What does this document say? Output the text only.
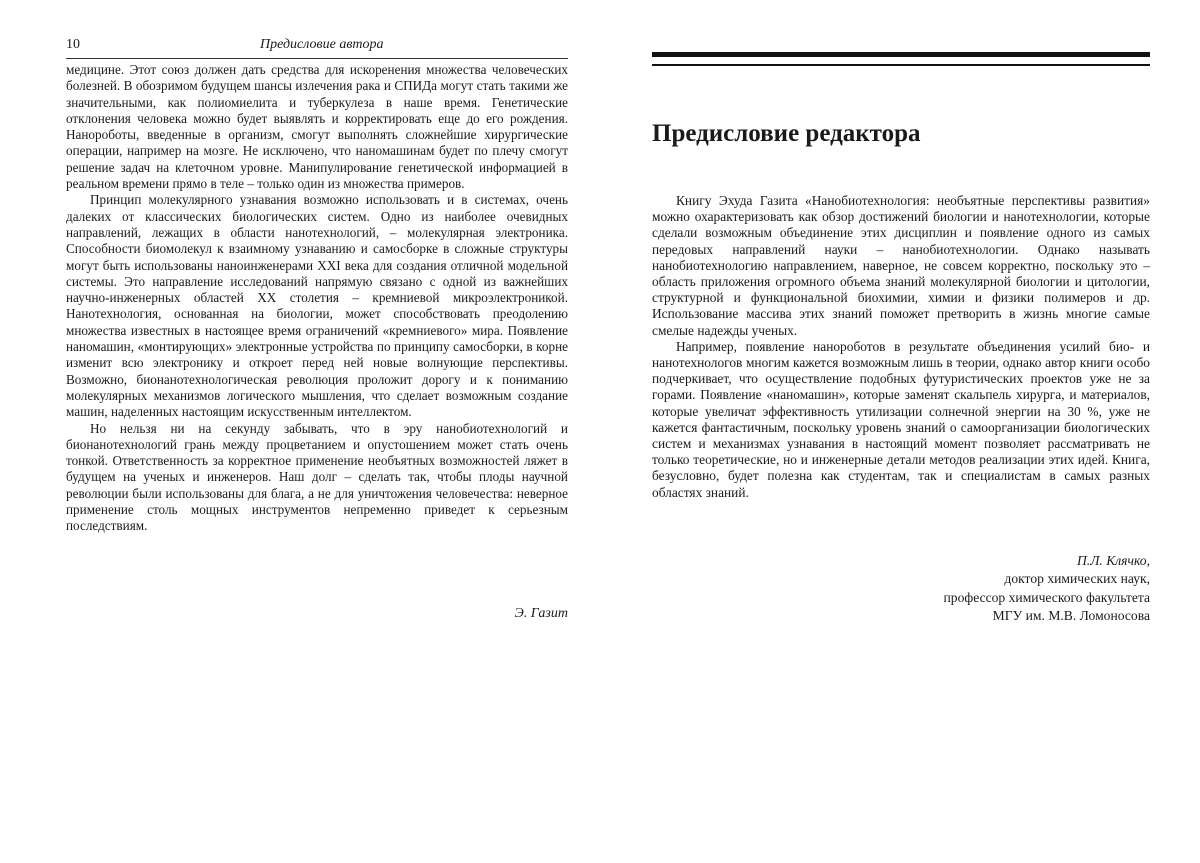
10	Предисловие автора

медицине. Этот союз должен дать средства для искоренения множества человеческих болезней. В обозримом будущем шансы излечения рака и СПИДа могут стать такими же значительными, как полиомиелита и туберкулеза в наше время. Генетические отклонения человека можно будет выявлять и корректировать еще до его рождения. Нанороботы, введенные в организм, смогут выполнять сложнейшие хирургические операции, например на мозге. Не исключено, что наномашинам будет по плечу смогут решение задач на клеточном уровне. Манипулирование генетической информацией в реальном времени прямо в теле – только один из множества примеров.

Принцип молекулярного узнавания возможно использовать и в системах, очень далеких от классических биологических систем. Одно из наиболее очевидных направлений, лежащих в области нанотехнологий, – молекулярная электроника. Способности биомолекул к взаимному узнаванию и самосборке в сложные структуры могут быть использованы наноинженерами XXI века для создания отличной модельной системы. Это направление исследований напрямую связано с одной из важнейших научно-инженерных областей XX столетия – кремниевой микроэлектроникой. Нанотехнология, основанная на биологии, может способствовать преодолению множества известных в настоящее время ограничений «кремниевого» мира. Появление наномашин, «монтирующих» электронные устройства по принципу самосборки, в корне изменит всю электронику и откроет перед ней новые волнующие перспективы. Возможно, бионанотехнологическая революция проложит дорогу и к пониманию молекулярных механизмов логического мышления, что сделает возможным создание машин, наделенных настоящим искусственным интеллектом.

Но нельзя ни на секунду забывать, что в эру нанобиотехнологий и бионанотехнологий грань между процветанием и опустошением может стать очень тонкой. Ответственность за корректное применение необъятных возможностей ляжет в будущем на ученых и инженеров. Наш долг – сделать так, чтобы плоды научной революции были использованы для блага, а не для уничтожения человечества: неверное применение столь мощных инструментов непременно приведет к серьезным последствиям.

Э. Газит
Предисловие редактора

Книгу Эхуда Газита «Нанобиотехнология: необъятные перспективы развития» можно охарактеризовать как обзор достижений биологии и нанотехнологии, которые сделали возможным объединение этих дисциплин и появление одного из самых передовых направлений науки – нанобиотехнологии. Однако называть нанобиотехнологию направлением, наверное, не совсем корректно, поскольку это – область приложения огромного объема знаний молекулярной биологии и цитологии, структурной и функциональной биохимии, химии и физики полимеров и др. Использование массива этих знаний поможет претворить в жизнь многие самые смелые надежды ученых.

Например, появление нанороботов в результате объединения усилий био- и нанотехнологов многим кажется возможным лишь в теории, однако автор книги особо подчеркивает, что осуществление подобных футуристических проектов уже не за горами. Появление «наномашин», которые заменят скальпель хирурга, и материалов, которые увеличат эффективность утилизации солнечной энергии на 30 %, уже не кажется фантастичным, поскольку уровень знаний о самоорганизации биологических систем и механизмах узнавания в настоящий момент позволяет рассматривать не только теоретические, но и инженерные детали методов реализации этих идей. Книга, безусловно, будет полезна как студентам, так и специалистам в самых разных областях знаний.

П.Л. Клячко,
доктор химических наук,
профессор химического факультета
МГУ им. М.В. Ломоносова
